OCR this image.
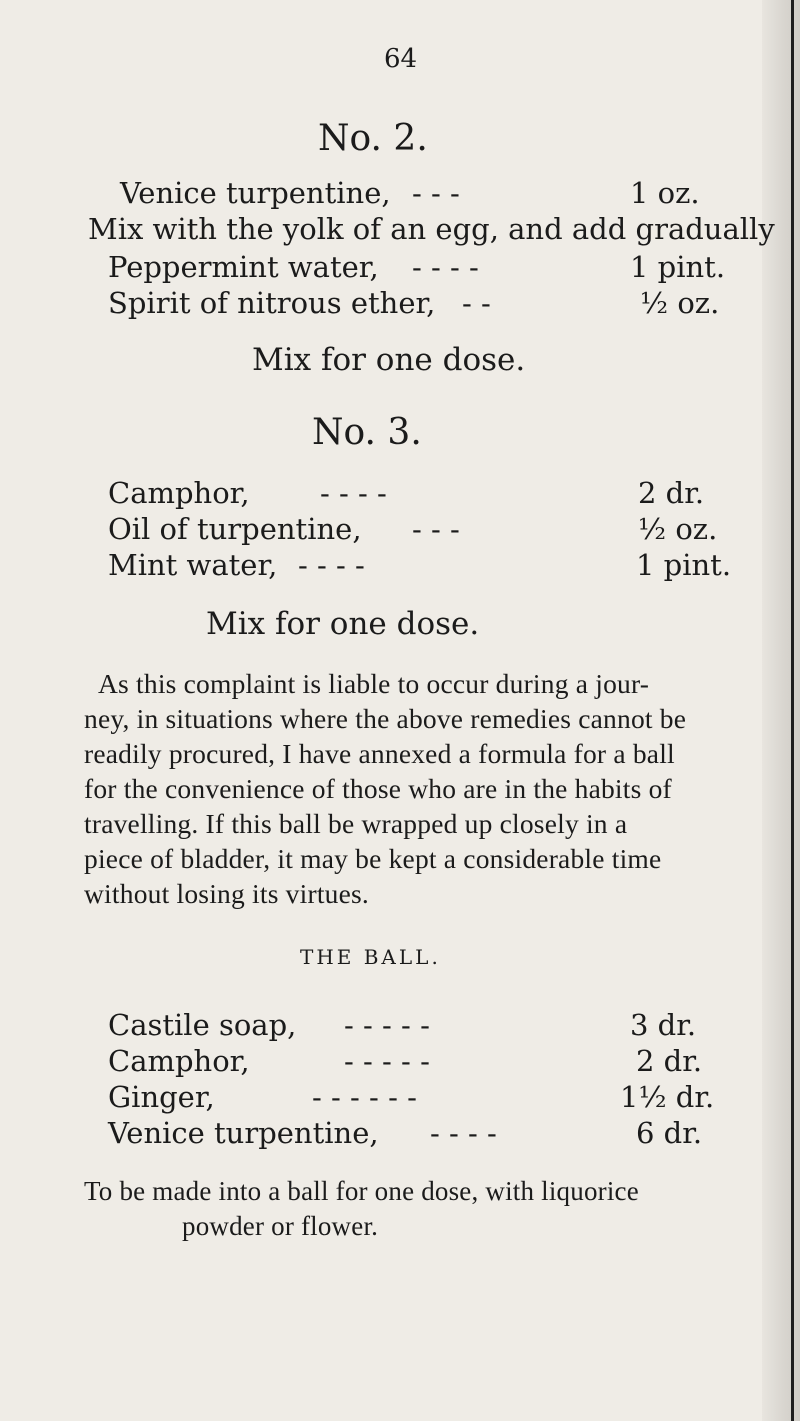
64
No. 2.
Venice turpentine, - - -	1 oz.
Mix with the yolk of an egg, and add gradually
Peppermint water, - - - -	1 pint.
Spirit of nitrous ether, - -	½ oz.
Mix for one dose.
No. 3.
Camphor, - - - -	2 dr.
Oil of turpentine, - - -	½ oz.
Mint water, - - - -	1 pint.
Mix for one dose.
As this complaint is liable to occur during a jour-
ney, in situations where the above remedies cannot be
readily procured, I have annexed a formula for a ball
for the convenience of those who are in the habits of
travelling. If this ball be wrapped up closely in a
piece of bladder, it may be kept a considerable time
without losing its virtues.
THE BALL.
Castile soap, - - - - -	3 dr.
Camphor,	- - - - -	2 dr.
Ginger,	- - - - - -	1½ dr.
Venice turpentine, - - - -	6 dr.
To be made into a ball for one dose, with liquorice
powder or flower.
